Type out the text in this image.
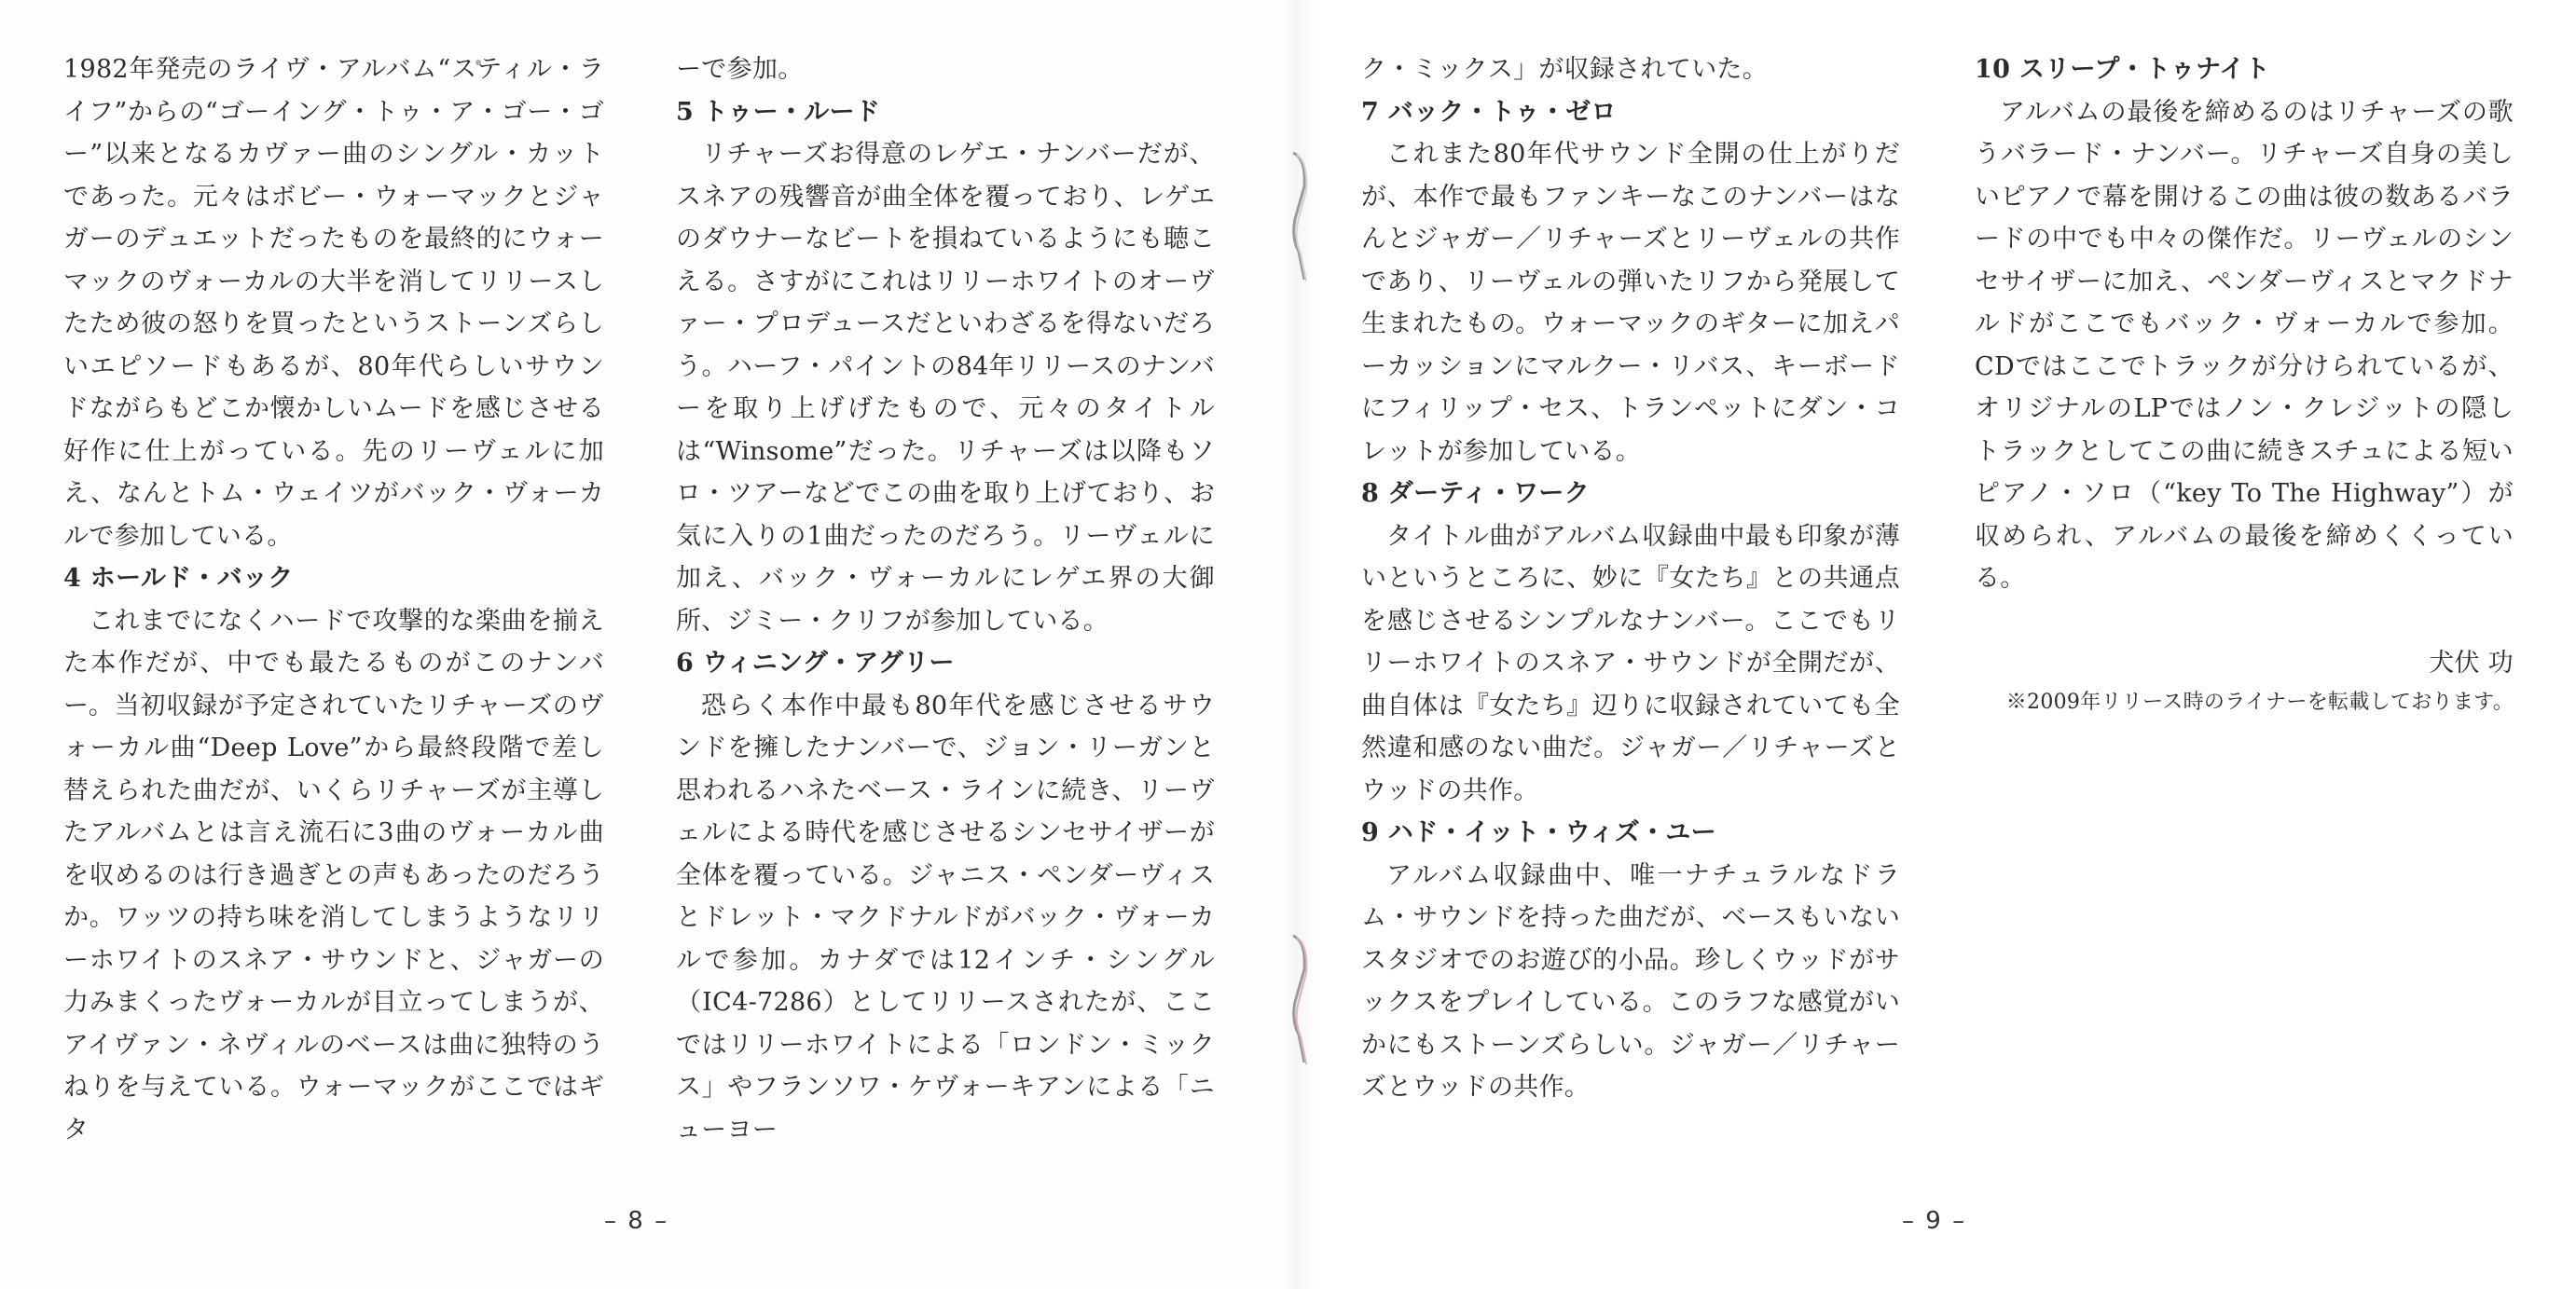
1982年発売のライヴ・アルバム“スティル・ライフ”からの“ゴーイング・トゥ・ア・ゴー・ゴー”以来となるカヴァー曲のシングル・カットであった。元々はボビー・ウォーマックとジャガーのデュエットだったものを最終的にウォーマックのヴォーカルの大半を消してリリースしたため彼の怒りを買ったというストーンズらしいエピソードもあるが、80年代らしいサウンドながらもどこか懐かしいムードを感じさせる好作に仕上がっている。先のリーヴェルに加え、なんとトム・ウェイツがバック・ヴォーカルで参加している。

4 ホールド・バック

これまでになくハードで攻撃的な楽曲を揃えた本作だが、中でも最たるものがこのナンバー。当初収録が予定されていたリチャーズのヴォーカル曲“Deep Love”から最終段階で差し替えられた曲だが、いくらリチャーズが主導したアルバムとは言え流石に3曲のヴォーカル曲を収めるのは行き過ぎとの声もあったのだろうか。ワッツの持ち味を消してしまうようなリリーホワイトのスネア・サウンドと、ジャガーの力みまくったヴォーカルが目立ってしまうが、アイヴァン・ネヴィルのベースは曲に独特のうねりを与えている。ウォーマックがここではギタ

ーで参加。

5 トゥー・ルード

リチャーズお得意のレゲエ・ナンバーだが、スネアの残響音が曲全体を覆っており、レゲエのダウナーなビートを損ねているようにも聴こえる。さすがにこれはリリーホワイトのオーヴァー・プロデュースだといわざるを得ないだろう。ハーフ・パイントの84年リリースのナンバーを取り上げげたもので、元々のタイトルは“Winsome”だった。リチャーズは以降もソロ・ツアーなどでこの曲を取り上げており、お気に入りの1曲だったのだろう。リーヴェルに加え、バック・ヴォーカルにレゲエ界の大御所、ジミー・クリフが参加している。

6 ウィニング・アグリー

恐らく本作中最も80年代を感じさせるサウンドを擁したナンバーで、ジョン・リーガンと思われるハネたベース・ラインに続き、リーヴェルによる時代を感じさせるシンセサイザーが全体を覆っている。ジャニス・ペンダーヴィスとドレット・マクドナルドがバック・ヴォーカルで参加。カナダでは12インチ・シングル（IC4-7286）としてリリースされたが、ここではリリーホワイトによる「ロンドン・ミックス」やフランソワ・ケヴォーキアンによる「ニューヨー

– 8 –

ク・ミックス」が収録されていた。

7 バック・トゥ・ゼロ

これまた80年代サウンド全開の仕上がりだが、本作で最もファンキーなこのナンバーはなんとジャガー／リチャーズとリーヴェルの共作であり、リーヴェルの弾いたリフから発展して生まれたもの。ウォーマックのギターに加えパーカッションにマルクー・リバス、キーボードにフィリップ・セス、トランペットにダン・コレットが参加している。

8 ダーティ・ワーク

タイトル曲がアルバム収録曲中最も印象が薄いというところに、妙に『女たち』との共通点を感じさせるシンプルなナンバー。ここでもリリーホワイトのスネア・サウンドが全開だが、曲自体は『女たち』辺りに収録されていても全然違和感のない曲だ。ジャガー／リチャーズとウッドの共作。

9 ハド・イット・ウィズ・ユー

アルバム収録曲中、唯一ナチュラルなドラム・サウンドを持った曲だが、ベースもいないスタジオでのお遊び的小品。珍しくウッドがサックスをプレイしている。このラフな感覚がいかにもストーンズらしい。ジャガー／リチャーズとウッドの共作。

10 スリープ・トゥナイト

アルバムの最後を締めるのはリチャーズの歌うバラード・ナンバー。リチャーズ自身の美しいピアノで幕を開けるこの曲は彼の数あるバラードの中でも中々の傑作だ。リーヴェルのシンセサイザーに加え、ペンダーヴィスとマクドナルドがここでもバック・ヴォーカルで参加。CDではここでトラックが分けられているが、オリジナルのLPではノン・クレジットの隠しトラックとしてこの曲に続きスチュによる短いピアノ・ソロ（“key To The Highway”）が収められ、アルバムの最後を締めくくっている。

犬伏 功

※2009年リリース時のライナーを転載しております。

– 9 –
